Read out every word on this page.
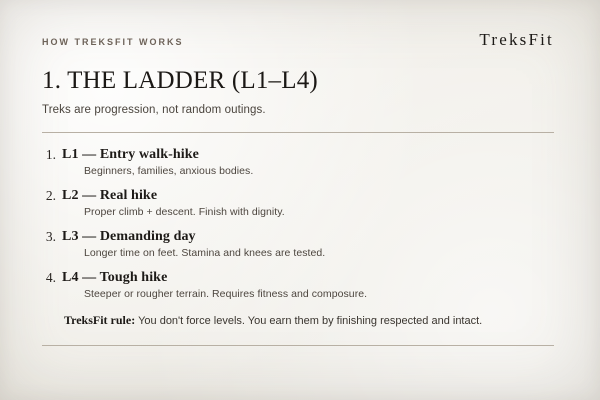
HOW TREKSFIT WORKS	TreksFit
1. THE LADDER (L1–L4)

Treks are progression, not random outings.

1. L1 — Entry walk-hike
Beginners, families, anxious bodies.
2. L2 — Real hike
Proper climb + descent. Finish with dignity.
3. L3 — Demanding day
Longer time on feet. Stamina and knees are tested.
4. L4 — Tough hike
Steeper or rougher terrain. Requires fitness and composure.

TreksFit rule: You don't force levels. You earn them by finishing respected and intact.
